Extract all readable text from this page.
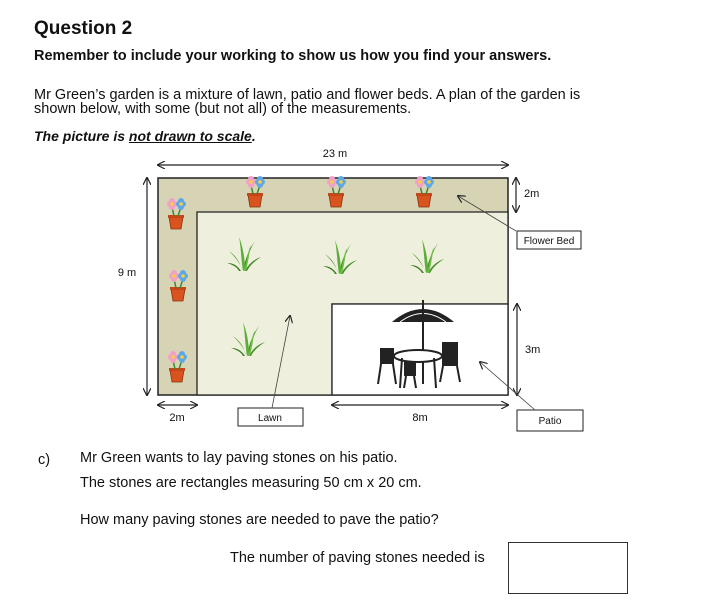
Question 2
Remember to include your working to show us how you find your answers.
Mr Green’s garden is a mixture of lawn, patio and flower beds. A plan of the garden is
shown below, with some (but not all) of the measurements.
The picture is not drawn to scale.
23 m
9 m
2m
3m
2m	8m
Flower Bed
Lawn	Patio
c) Mr Green wants to lay paving stones on his patio.
The stones are rectangles measuring 50 cm x 20 cm.
How many paving stones are needed to pave the patio?
The number of paving stones needed is
